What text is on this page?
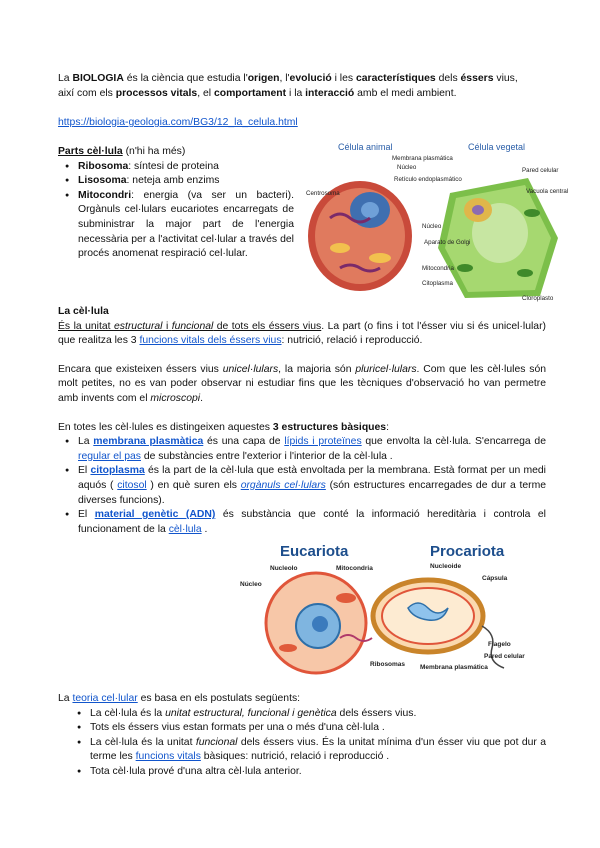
La BIOLOGIA és la ciència que estudia l'origen, l'evolució i les característiques dels éssers vius,
així com els processos vitals, el comportament i la interacció amb el medi ambient.

https://biologia-geologia.com/BG3/12_la_celula.html

Parts cèl·lula (n'hi ha més)

● Ribosoma: síntesi de proteina
● Lisosoma: neteja amb enzims
● Mitocondri: energia (va ser un bacteri). Orgànuls cel·lulars eucariotes encarregats de subministrar la major part de l'energia necessària per a l'activitat cel·lular a través del procés anomenat respiració cel·lular.
Célula animal	Célula vegetal
Membrana plasmática
Núcleo
Retículo endoplasmático
Pared celular
Vacuola central
Centrosoma
Núcleo
Aparato de Golgi
Mitocondria
Citoplasma
Cloroplasto

La cèl·lula

És la unitat estructural i funcional de tots els éssers vius. La part (o fins i tot l'ésser viu si és unicel·lular) que realitza les 3 funcions vitals dels éssers vius: nutrició, relació i reproducció.

Encara que existeixen éssers vius unicel·lulars, la majoria són pluricel·lulars. Com que les cèl·lules són molt petites, no es van poder observar ni estudiar fins que les tècniques d'observació ho van permetre amb invents com el microscopi.

En totes les cèl·lules es distingeixen aquestes 3 estructures bàsiques:

● La membrana plasmàtica és una capa de lípids i proteïnes que envolta la cèl·lula. S'encarrega de regular el pas de substàncies entre l'exterior i l'interior de la cèl·lula .
● El citoplasma és la part de la cèl·lula que està envoltada per la membrana. Està format per un medi aquós ( citosol ) en què suren els orgànuls cel·lulars (són estructures encarregades de dur a terme diverses funcions).
● El material genètic (ADN) és substància que conté la informació hereditària i controla el funcionament de la cèl·lula .
Eucariota	Procariota
Nucleolo	Mitocondria
Núcleo
Ribosomas
Nucleoide
Cápsula
Flagelo
Pared celular
Membrana plasmática

La teoria cel·lular es basa en els postulats següents:

● La cèl·lula és la unitat estructural, funcional i genètica dels éssers vius.
● Tots els éssers vius estan formats per una o més d'una cèl·lula .
● La cèl·lula és la unitat funcional dels éssers vius. És la unitat mínima d'un ésser viu que pot dur a terme les funcions vitals bàsiques: nutrició, relació i reproducció .
● Tota cèl·lula prové d'una altra cèl·lula anterior.
